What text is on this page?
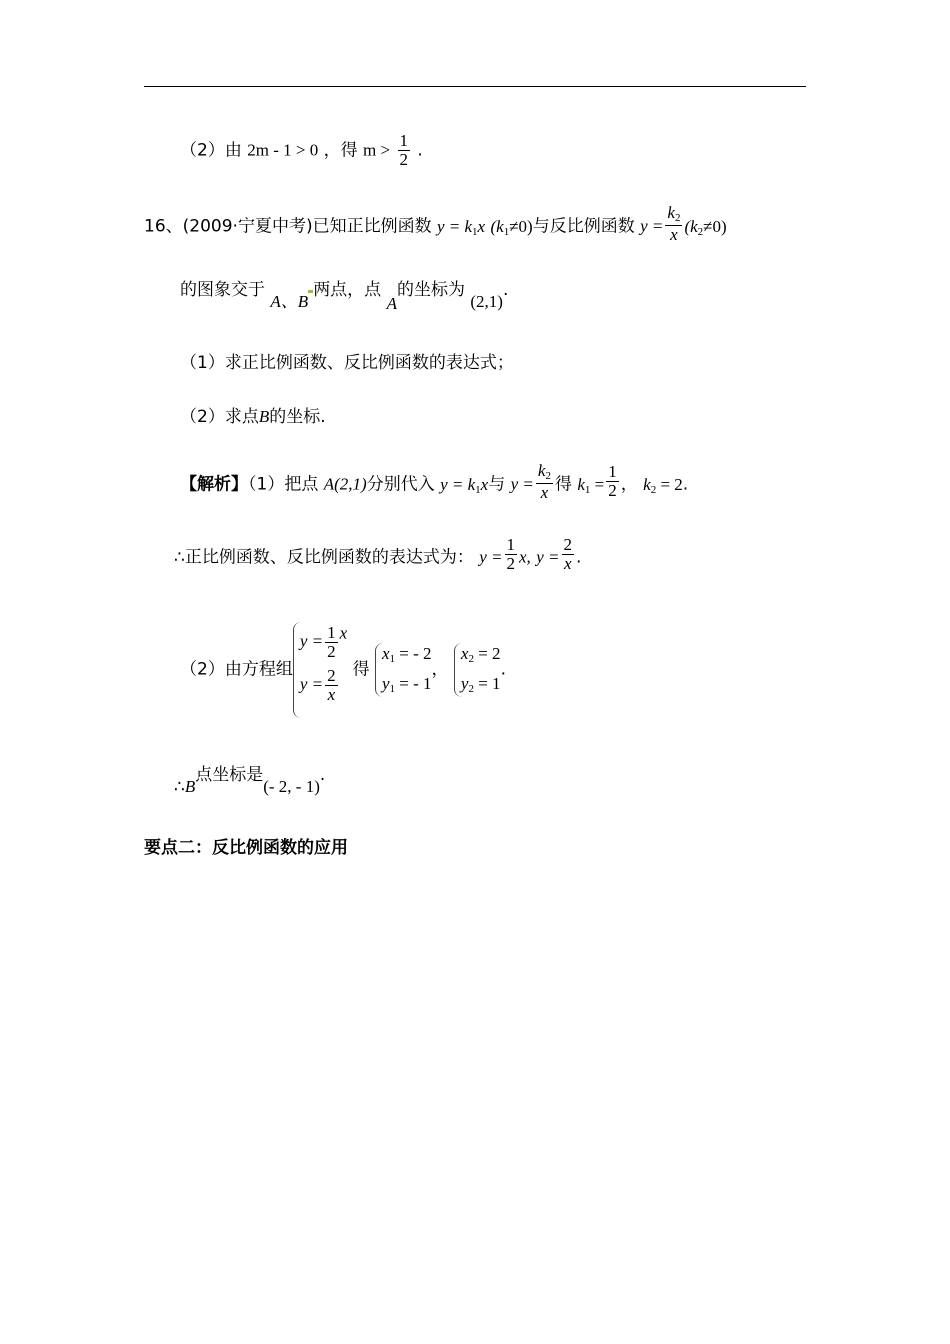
（2）由 2m - 1 > 0 ，得 $m > \frac{1}{2}$ .
16、(2009·宁夏中考)已知正比例函数 $y = k_1x$ $(k_1\ne 0)$与反比例函数 $y = \frac{k_2}{x} (k_2\ne 0)$
的图象交于 A、B两点，点 A的坐标为 (2,1).
（1）求正比例函数、反比例函数的表达式；
（2）求点B的坐标.
【解析】（1）把点 A(2,1)分别代入 $y = k_1x$与 $y = \frac{k_2}{x}$ 得 $k_1 = \frac{1}{2}$ ， $k_2 = 2$.
∴正比例函数、反比例函数的表达式为： $y = \frac{1}{2} x$, $y = \frac{2}{x}$ .
（2）由方程组
$y = \frac{1}{2}$ x
$y = \frac{2}{x}$ 得
$x_1$ = - 2
$y_1$ = - 1
，
$x_2 = 2$
$y_2 = 1$
.
∴B点坐标是(- 2, - 1).
要点二：反比例函数的应用
